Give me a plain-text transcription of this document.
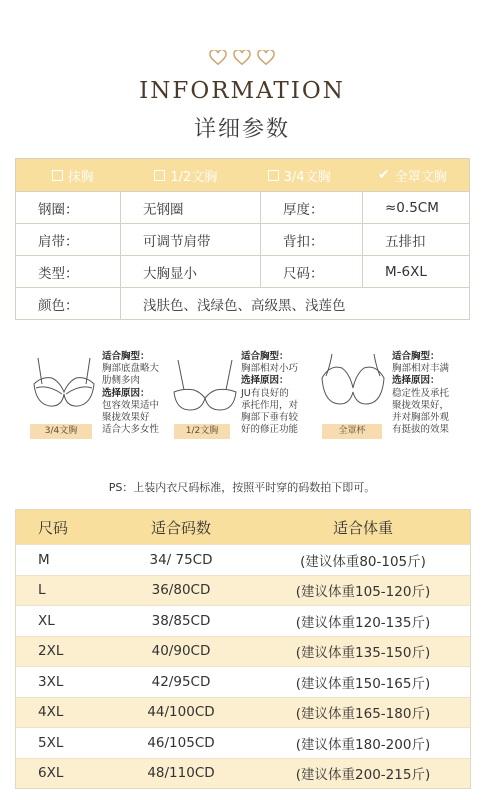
INFORMATION
详细参数
抹胸	1/2文胸	3/4文胸	✔ 全罩文胸
钢圈：	无钢圈	厚度：	≈0.5CM
肩带：	可调节肩带	背扣：	五排扣
类型：	大胸显小	尺码：	M-6XL
颜色：	浅肤色、浅绿色、高级黑、浅莲色
3/4文胸
适合胸型：
胸部底盘略大
肋侧多肉
选择原因：
包容效果适中
聚拢效果好
适合大多女性	1/2文胸
适合胸型：
胸部相对小巧
选择原因：
JU有良好的
承托作用，对
胸部下垂有较
好的修正功能	全罩杯
适合胸型：
胸部相对丰满
选择原因：
稳定性及承托
聚拢效果好，
并对胸部外观
有挺拔的效果
PS：上装内衣尺码标准，按照平时穿的码数拍下即可。
尺码	适合码数	适合体重
M	34/ 75CD	(建议体重80-105斤)
L	36/80CD	(建议体重105-120斤)
XL	38/85CD	(建议体重120-135斤)
2XL	40/90CD	(建议体重135-150斤)
3XL	42/95CD	(建议体重150-165斤)
4XL	44/100CD	(建议体重165-180斤)
5XL	46/105CD	(建议体重180-200斤)
6XL	48/110CD	(建议体重200-215斤)
